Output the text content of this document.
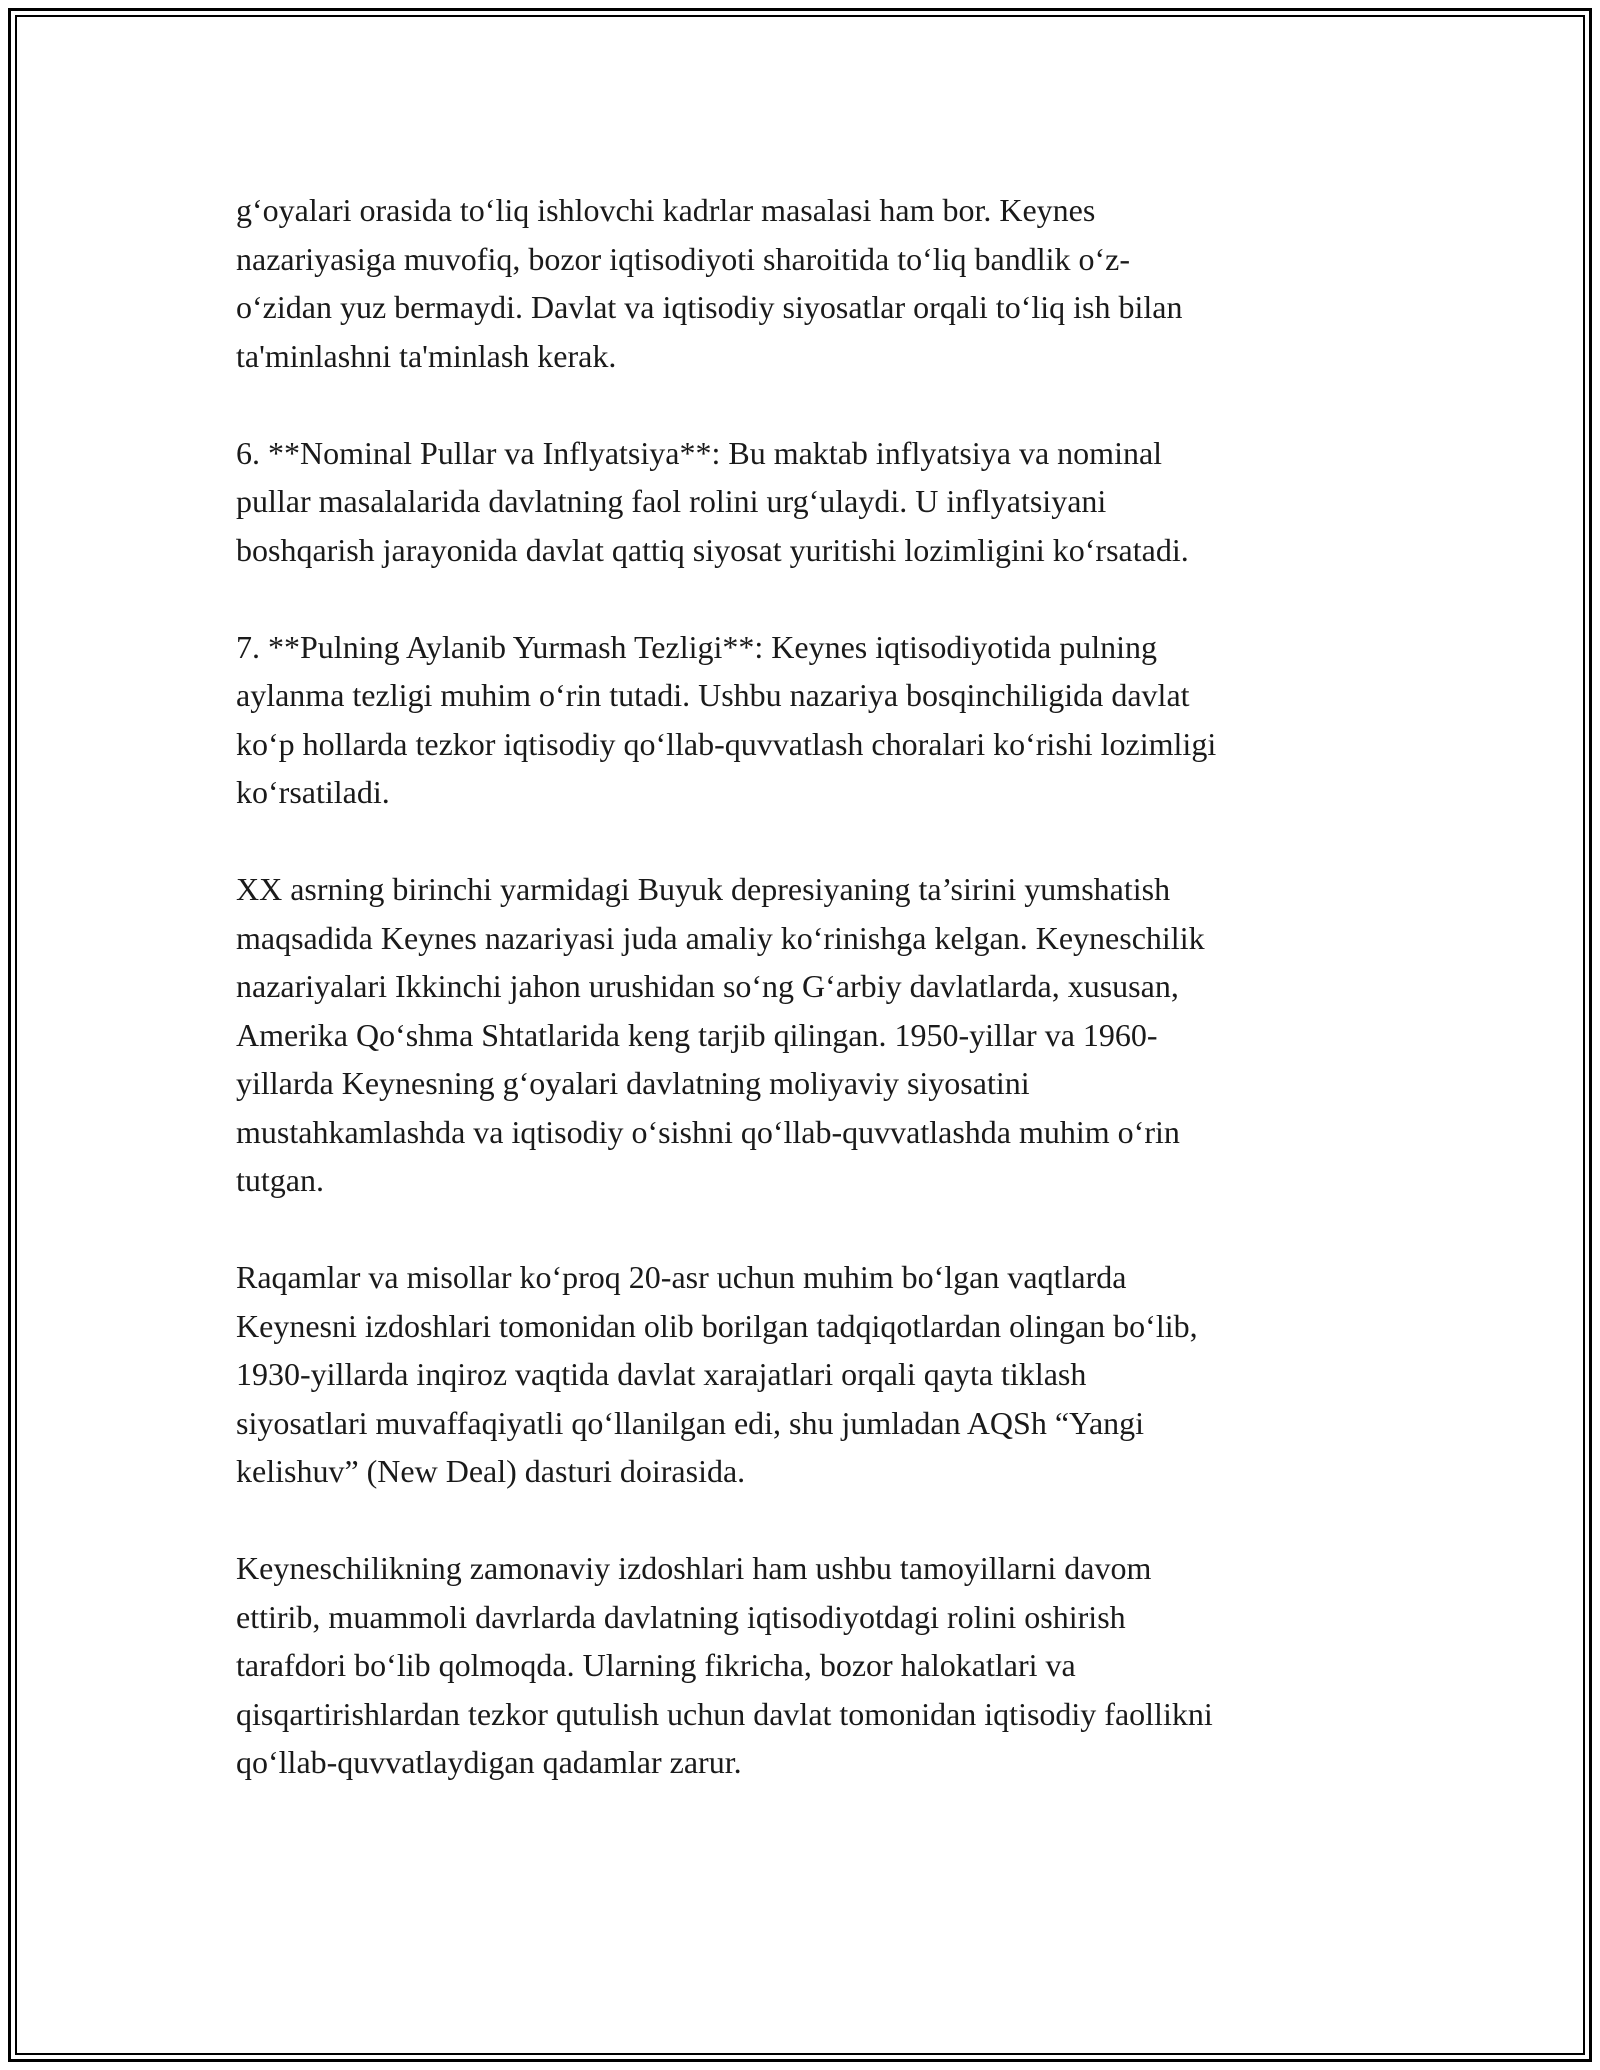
g‘oyalari orasida to‘liq ishlovchi kadrlar masalasi ham bor. Keynes
nazariyasiga muvofiq, bozor iqtisodiyoti sharoitida to‘liq bandlik o‘z-
o‘zidan yuz bermaydi. Davlat va iqtisodiy siyosatlar orqali to‘liq ish bilan
ta'minlashni ta'minlash kerak.

6. **Nominal Pullar va Inflyatsiya**: Bu maktab inflyatsiya va nominal
pullar masalalarida davlatning faol rolini urg‘ulaydi. U inflyatsiyani
boshqarish jarayonida davlat qattiq siyosat yuritishi lozimligini ko‘rsatadi.

7. **Pulning Aylanib Yurmash Tezligi**: Keynes iqtisodiyotida pulning
aylanma tezligi muhim o‘rin tutadi. Ushbu nazariya bosqinchiligida davlat
ko‘p hollarda tezkor iqtisodiy qo‘llab-quvvatlash choralari ko‘rishi lozimligi
ko‘rsatiladi.

XX asrning birinchi yarmidagi Buyuk depresiyaning ta’sirini yumshatish
maqsadida Keynes nazariyasi juda amaliy ko‘rinishga kelgan. Keyneschilik
nazariyalari Ikkinchi jahon urushidan so‘ng G‘arbiy davlatlarda, xususan,
Amerika Qo‘shma Shtatlarida keng tarjib qilingan. 1950-yillar va 1960-
yillarda Keynesning g‘oyalari davlatning moliyaviy siyosatini
mustahkamlashda va iqtisodiy o‘sishni qo‘llab-quvvatlashda muhim o‘rin
tutgan.

Raqamlar va misollar ko‘proq 20-asr uchun muhim bo‘lgan vaqtlarda
Keynesni izdoshlari tomonidan olib borilgan tadqiqotlardan olingan bo‘lib,
1930-yillarda inqiroz vaqtida davlat xarajatlari orqali qayta tiklash
siyosatlari muvaffaqiyatli qo‘llanilgan edi, shu jumladan AQSh “Yangi
kelishuv” (New Deal) dasturi doirasida.

Keyneschilikning zamonaviy izdoshlari ham ushbu tamoyillarni davom
ettirib, muammoli davrlarda davlatning iqtisodiyotdagi rolini oshirish
tarafdori bo‘lib qolmoqda. Ularning fikricha, bozor halokatlari va
qisqartirishlardan tezkor qutulish uchun davlat tomonidan iqtisodiy faollikni
qo‘llab-quvvatlaydigan qadamlar zarur.
